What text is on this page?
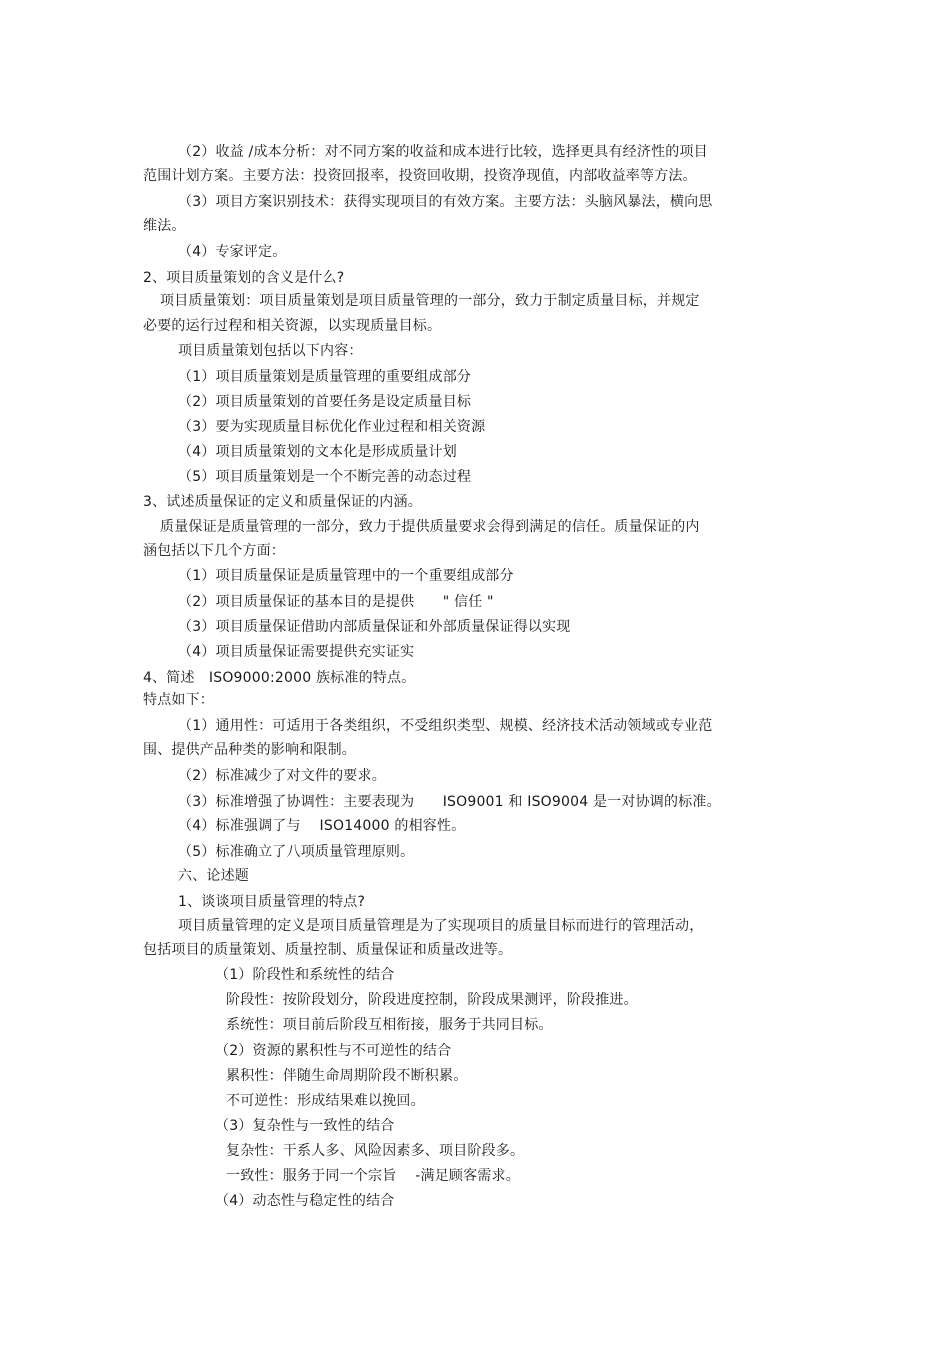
（2）收益 /成本分析：对不同方案的收益和成本进行比较，选择更具有经济性的项目
范围计划方案。主要方法：投资回报率，投资回收期，投资净现值，内部收益率等方法。
（3）项目方案识别技术：获得实现项目的有效方案。主要方法：头脑风暴法，横向思
维法。
（4）专家评定。
2、项目质量策划的含义是什么?
项目质量策划：项目质量策划是项目质量管理的一部分，致力于制定质量目标，并规定
必要的运行过程和相关资源，以实现质量目标。
项目质量策划包括以下内容：
（1）项目质量策划是质量管理的重要组成部分
（2）项目质量策划的首要任务是设定质量目标
（3）要为实现质量目标优化作业过程和相关资源
（4）项目质量策划的文本化是形成质量计划
（5）项目质量策划是一个不断完善的动态过程
3、试述质量保证的定义和质量保证的内涵。
质量保证是质量管理的一部分，致力于提供质量要求会得到满足的信任。质量保证的内
涵包括以下几个方面：
（1）项目质量保证是质量管理中的一个重要组成部分
（2）项目质量保证的基本目的是提供　　" 信任 "
（3）项目质量保证借助内部质量保证和外部质量保证得以实现
（4）项目质量保证需要提供充实证实
4、简述　ISO9000:2000 族标准的特点。
特点如下：
（1）通用性：可适用于各类组织，不受组织类型、规模、经济技术活动领域或专业范
围、提供产品种类的影响和限制。
（2）标准减少了对文件的要求。
（3）标准增强了协调性：主要表现为　　ISO9001 和 ISO9004 是一对协调的标准。
（4）标准强调了与　 ISO14000 的相容性。
（5）标准确立了八项质量管理原则。
六、论述题
1、谈谈项目质量管理的特点?
项目质量管理的定义是项目质量管理是为了实现项目的质量目标而进行的管理活动，
包括项目的质量策划、质量控制、质量保证和质量改进等。
（1）阶段性和系统性的结合
阶段性：按阶段划分，阶段进度控制，阶段成果测评，阶段推进。
系统性：项目前后阶段互相衔接，服务于共同目标。
（2）资源的累积性与不可逆性的结合
累积性：伴随生命周期阶段不断积累。
不可逆性：形成结果难以挽回。
（3）复杂性与一致性的结合
复杂性：干系人多、风险因素多、项目阶段多。
一致性：服务于同一个宗旨　 -满足顾客需求。
（4）动态性与稳定性的结合
